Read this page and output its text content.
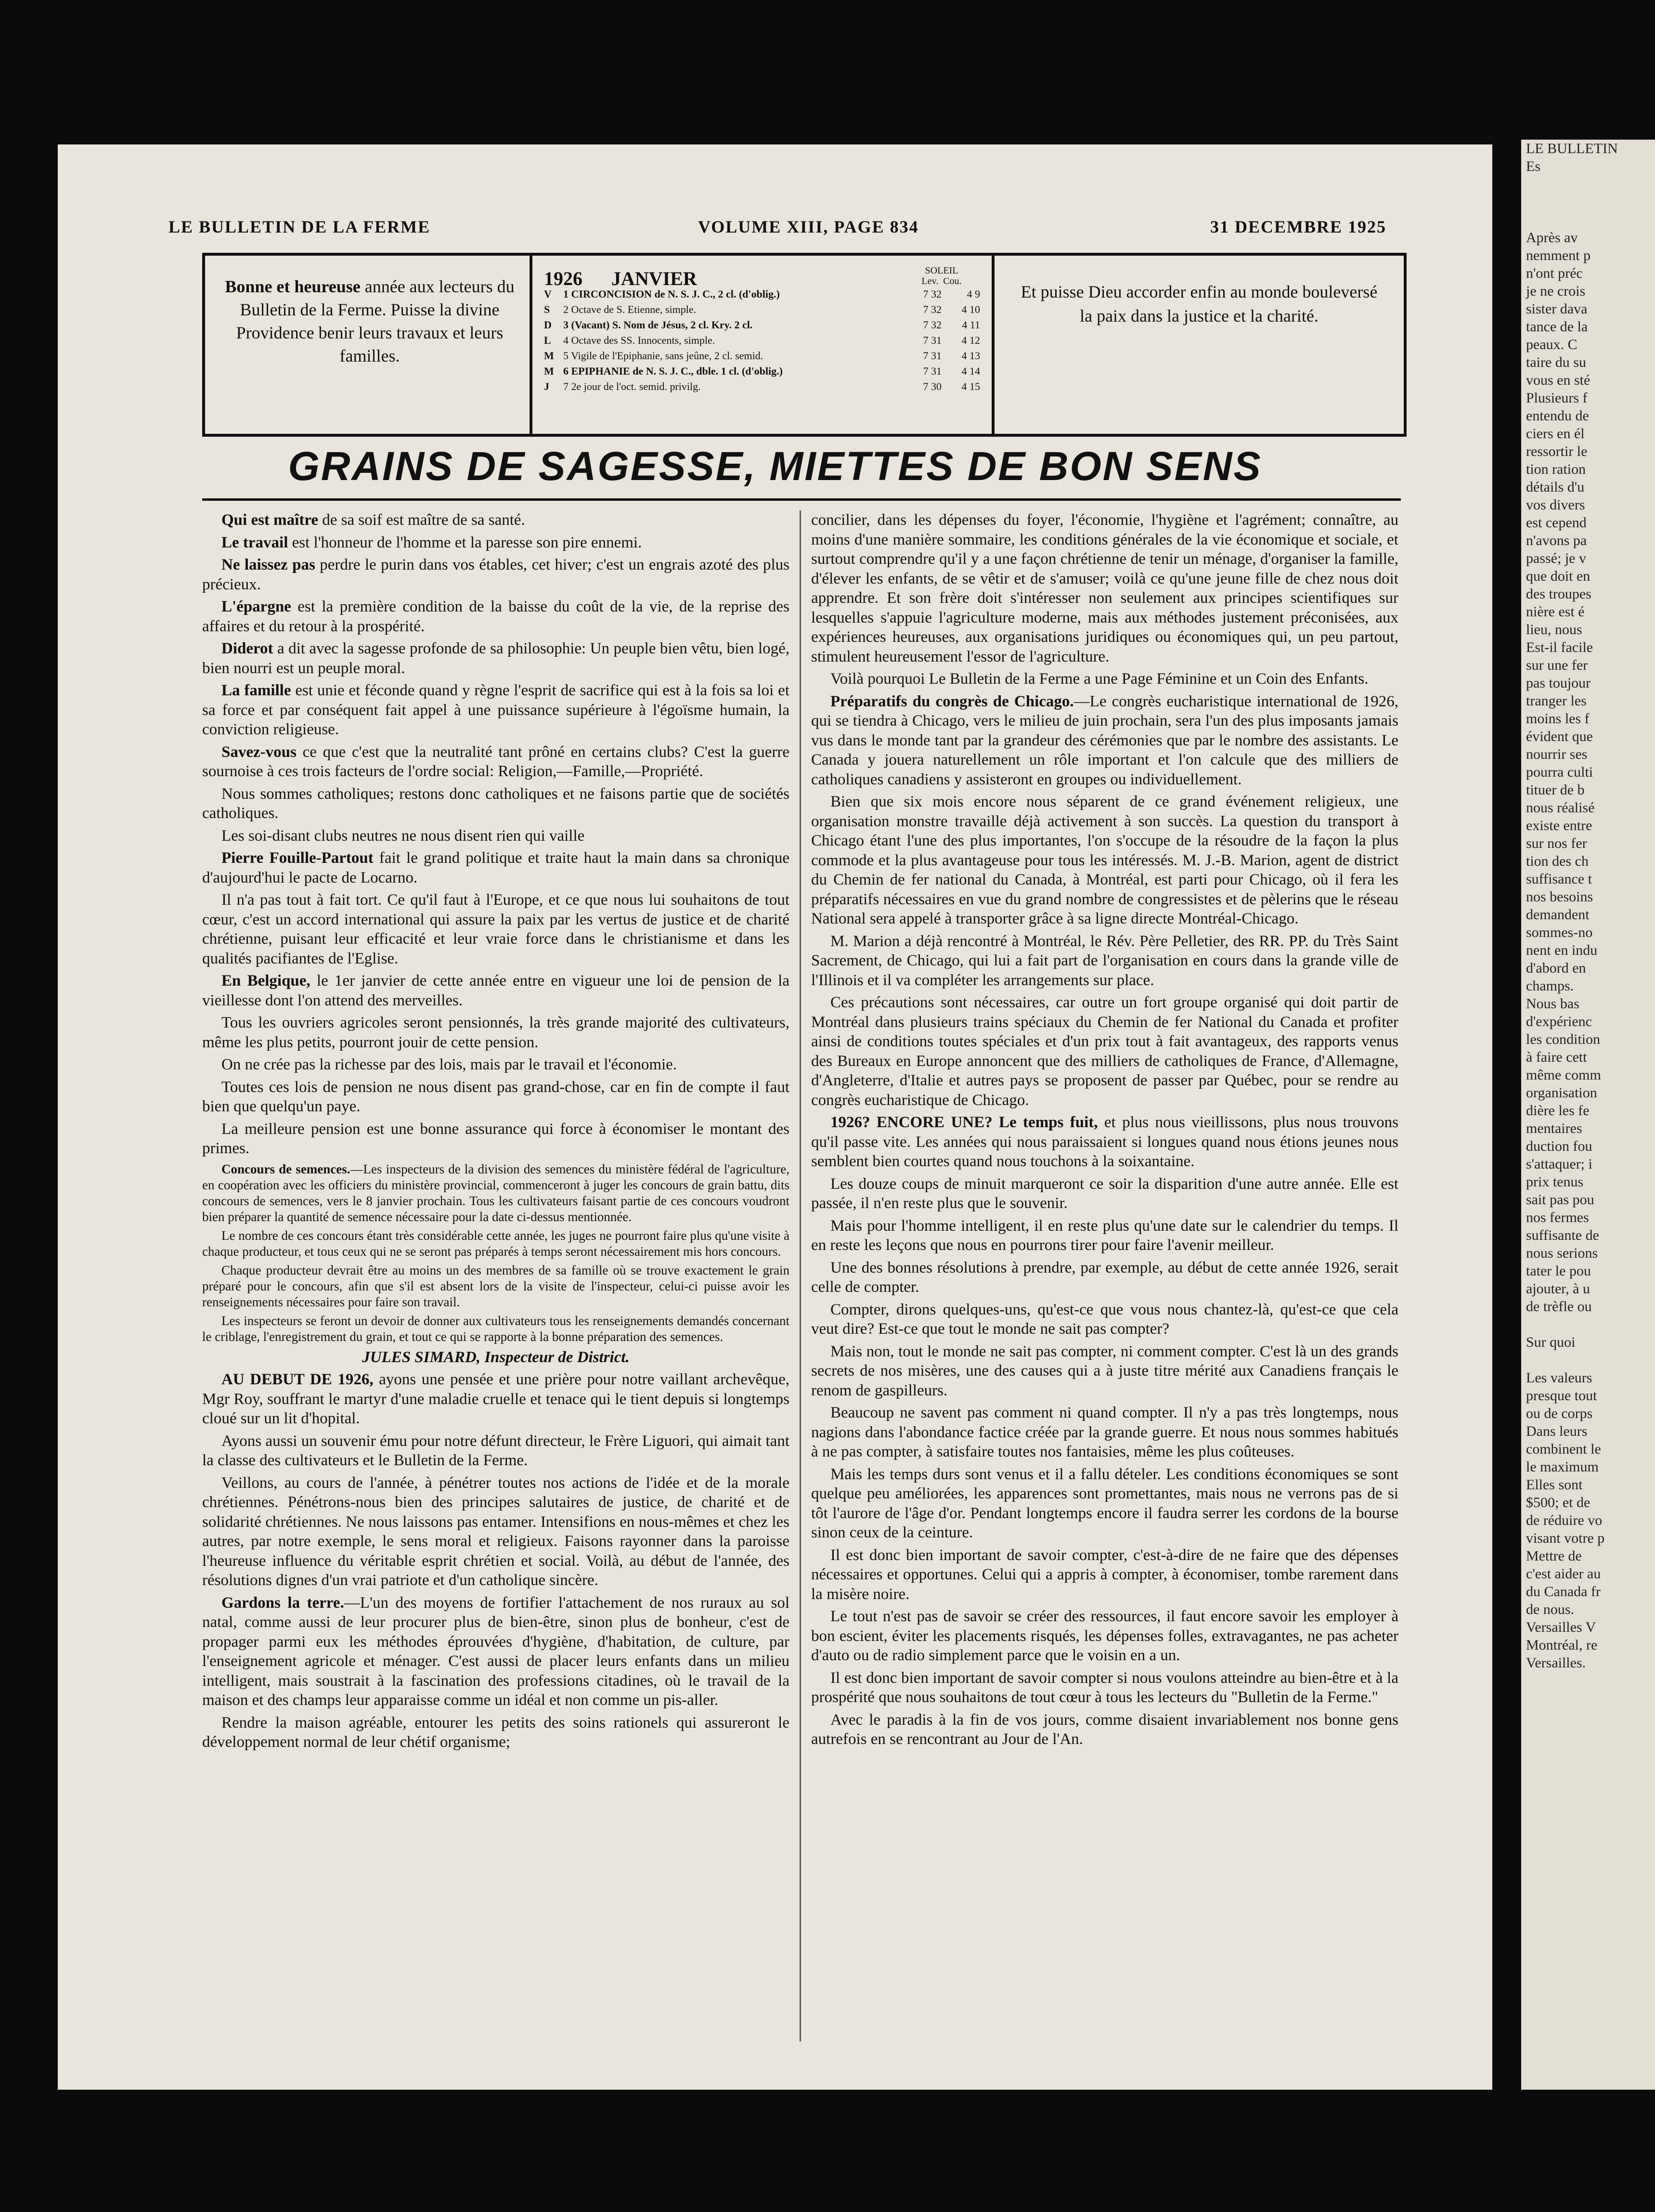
LE BULLETIN DE LA FERME	VOLUME XIII, PAGE 834	31 DECEMBRE 1925
Bonne et heureuse année aux lecteurs du Bulletin de la Ferme. Puisse la divine Providence benir leurs travaux et leurs familles.
1926	JANVIER	SOLEIL
Lev. Cou.
V	1 CIRCONCISION de N. S. J. C., 2 cl. (d'oblig.)	7 32	4 9
S	2 Octave de S. Etienne, simple.	7 32	4 10
D	3 (Vacant) S. Nom de Jésus, 2 cl. Kry. 2 cl.	7 32	4 11
L	4 Octave des SS. Innocents, simple.	7 31	4 12
M 5 Vigile de l'Epiphanie, sans jeûne, 2 cl. semid.	7 31	4 13
M 6 EPIPHANIE de N. S. J. C., dble. 1 cl. (d'oblig.)	7 31	4 14
J	7 2e jour de l'oct. semid. privilg.	7 30	4 15
Et puisse Dieu accorder enfin au monde bouleversé la paix dans la justice et la charité.
GRAINS DE SAGESSE, MIETTES DE BON SENS

Qui est maître de sa soif est maître de sa santé.

Le travail est l'honneur de l'homme et la paresse son pire ennemi.

Ne laissez pas perdre le purin dans vos étables, cet hiver; c'est un engrais azoté des plus précieux.

L'épargne est la première condition de la baisse du coût de la vie, de la reprise des affaires et du retour à la prospérité.

Diderot a dit avec la sagesse profonde de sa philosophie: Un peuple bien vêtu, bien logé, bien nourri est un peuple moral.

La famille est unie et féconde quand y règne l'esprit de sacrifice qui est à la fois sa loi et sa force et par conséquent fait appel à une puissance supérieure à l'égoïsme humain, la conviction religieuse.

Savez-vous ce que c'est que la neutralité tant prôné en certains clubs? C'est la guerre sournoise à ces trois facteurs de l'ordre social: Religion,—Famille,—Propriété.

Nous sommes catholiques; restons donc catholiques et ne faisons partie que de sociétés catholiques.

Les soi-disant clubs neutres ne nous disent rien qui vaille

Pierre Fouille-Partout fait le grand politique et traite haut la main dans sa chronique d'aujourd'hui le pacte de Locarno.

Il n'a pas tout à fait tort. Ce qu'il faut à l'Europe, et ce que nous lui souhaitons de tout cœur, c'est un accord international qui assure la paix par les vertus de justice et de charité chrétienne, puisant leur efficacité et leur vraie force dans le christianisme et dans les qualités pacifiantes de l'Eglise.

En Belgique, le 1er janvier de cette année entre en vigueur une loi de pension de la vieillesse dont l'on attend des merveilles.

Tous les ouvriers agricoles seront pensionnés, la très grande majorité des cultivateurs, même les plus petits, pourront jouir de cette pension.

On ne crée pas la richesse par des lois, mais par le travail et l'économie.

Toutes ces lois de pension ne nous disent pas grand-chose, car en fin de compte il faut bien que quelqu'un paye.

La meilleure pension est une bonne assurance qui force à économiser le montant des primes.

Concours de semences.—Les inspecteurs de la division des semences du ministère fédéral de l'agriculture, en coopération avec les officiers du ministère provincial, commenceront à juger les concours de grain battu, dits concours de semences, vers le 8 janvier prochain. Tous les cultivateurs faisant partie de ces concours voudront bien préparer la quantité de semence nécessaire pour la date ci-dessus mentionnée.

Le nombre de ces concours étant très considérable cette année, les juges ne pourront faire plus qu'une visite à chaque producteur, et tous ceux qui ne se seront pas préparés à temps seront nécessairement mis hors concours.

Chaque producteur devrait être au moins un des membres de sa famille où se trouve exactement le grain préparé pour le concours, afin que s'il est absent lors de la visite de l'inspecteur, celui-ci puisse avoir les renseignements nécessaires pour faire son travail.

Les inspecteurs se feront un devoir de donner aux cultivateurs tous les renseignements demandés concernant le criblage, l'enregistrement du grain, et tout ce qui se rapporte à la bonne préparation des semences.

JULES SIMARD, Inspecteur de District.

AU DEBUT DE 1926, ayons une pensée et une prière pour notre vaillant archevêque, Mgr Roy, souffrant le martyr d'une maladie cruelle et tenace qui le tient depuis si longtemps cloué sur un lit d'hopital.

Ayons aussi un souvenir ému pour notre défunt directeur, le Frère Liguori, qui aimait tant la classe des cultivateurs et le Bulletin de la Ferme.

Veillons, au cours de l'année, à pénétrer toutes nos actions de l'idée et de la morale chrétiennes. Pénétrons-nous bien des principes salutaires de justice, de charité et de solidarité chrétiennes. Ne nous laissons pas entamer. Intensifions en nous-mêmes et chez les autres, par notre exemple, le sens moral et religieux. Faisons rayonner dans la paroisse l'heureuse influence du véritable esprit chrétien et social. Voilà, au début de l'année, des résolutions dignes d'un vrai patriote et d'un catholique sincère.

Gardons la terre.—L'un des moyens de fortifier l'attachement de nos ruraux au sol natal, comme aussi de leur procurer plus de bien-être, sinon plus de bonheur, c'est de propager parmi eux les méthodes éprouvées d'hygiène, d'habitation, de culture, par l'enseignement agricole et ménager. C'est aussi de placer leurs enfants dans un milieu intelligent, mais soustrait à la fascination des professions citadines, où le travail de la maison et des champs leur apparaisse comme un idéal et non comme un pis-aller.

Rendre la maison agréable, entourer les petits des soins rationels qui assureront le développement normal de leur chétif organisme;

concilier, dans les dépenses du foyer, l'économie, l'hygiène et l'agrément; connaître, au moins d'une manière sommaire, les conditions générales de la vie économique et sociale, et surtout comprendre qu'il y a une façon chrétienne de tenir un ménage, d'organiser la famille, d'élever les enfants, de se vêtir et de s'amuser; voilà ce qu'une jeune fille de chez nous doit apprendre. Et son frère doit s'intéresser non seulement aux principes scientifiques sur lesquelles s'appuie l'agriculture moderne, mais aux méthodes justement préconisées, aux expériences heureuses, aux organisations juridiques ou économiques qui, un peu partout, stimulent heureusement l'essor de l'agriculture.

Voilà pourquoi Le Bulletin de la Ferme a une Page Féminine et un Coin des Enfants.

Préparatifs du congrès de Chicago.—Le congrès eucharistique international de 1926, qui se tiendra à Chicago, vers le milieu de juin prochain, sera l'un des plus imposants jamais vus dans le monde tant par la grandeur des cérémonies que par le nombre des assistants. Le Canada y jouera naturellement un rôle important et l'on calcule que des milliers de catholiques canadiens y assisteront en groupes ou individuellement.

Bien que six mois encore nous séparent de ce grand événement religieux, une organisation monstre travaille déjà activement à son succès. La question du transport à Chicago étant l'une des plus importantes, l'on s'occupe de la résoudre de la façon la plus commode et la plus avantageuse pour tous les intéressés. M. J.-B. Marion, agent de district du Chemin de fer national du Canada, à Montréal, est parti pour Chicago, où il fera les préparatifs nécessaires en vue du grand nombre de congressistes et de pèlerins que le réseau National sera appelé à transporter grâce à sa ligne directe Montréal-Chicago.

M. Marion a déjà rencontré à Montréal, le Rév. Père Pelletier, des RR. PP. du Très Saint Sacrement, de Chicago, qui lui a fait part de l'organisation en cours dans la grande ville de l'Illinois et il va compléter les arrangements sur place.

Ces précautions sont nécessaires, car outre un fort groupe organisé qui doit partir de Montréal dans plusieurs trains spéciaux du Chemin de fer National du Canada et profiter ainsi de conditions toutes spéciales et d'un prix tout à fait avantageux, des rapports venus des Bureaux en Europe annoncent que des milliers de catholiques de France, d'Allemagne, d'Angleterre, d'Italie et autres pays se proposent de passer par Québec, pour se rendre au congrès eucharistique de Chicago.

1926? ENCORE UNE? Le temps fuit, et plus nous vieillissons, plus nous trouvons qu'il passe vite. Les années qui nous paraissaient si longues quand nous étions jeunes nous semblent bien courtes quand nous touchons à la soixantaine.

Les douze coups de minuit marqueront ce soir la disparition d'une autre année. Elle est passée, il n'en reste plus que le souvenir.

Mais pour l'homme intelligent, il en reste plus qu'une date sur le calendrier du temps. Il en reste les leçons que nous en pourrons tirer pour faire l'avenir meilleur.

Une des bonnes résolutions à prendre, par exemple, au début de cette année 1926, serait celle de compter.

Compter, dirons quelques-uns, qu'est-ce que vous nous chantez-là, qu'est-ce que cela veut dire? Est-ce que tout le monde ne sait pas compter?

Mais non, tout le monde ne sait pas compter, ni comment compter. C'est là un des grands secrets de nos misères, une des causes qui a à juste titre mérité aux Canadiens français le renom de gaspilleurs.

Beaucoup ne savent pas comment ni quand compter. Il n'y a pas très longtemps, nous nagions dans l'abondance factice créée par la grande guerre. Et nous nous sommes habitués à ne pas compter, à satisfaire toutes nos fantaisies, même les plus coûteuses.

Mais les temps durs sont venus et il a fallu dételer. Les conditions économiques se sont quelque peu améliorées, les apparences sont promettantes, mais nous ne verrons pas de si tôt l'aurore de l'âge d'or. Pendant longtemps encore il faudra serrer les cordons de la bourse sinon ceux de la ceinture.

Il est donc bien important de savoir compter, c'est-à-dire de ne faire que des dépenses nécessaires et opportunes. Celui qui a appris à compter, à économiser, tombe rarement dans la misère noire.

Le tout n'est pas de savoir se créer des ressources, il faut encore savoir les employer à bon escient, éviter les placements risqués, les dépenses folles, extravagantes, ne pas acheter d'auto ou de radio simplement parce que le voisin en a un.

Il est donc bien important de savoir compter si nous voulons atteindre au bien-être et à la prospérité que nous souhaitons de tout cœur à tous les lecteurs du "Bulletin de la Ferme."

Avec le paradis à la fin de vos jours, comme disaient invariablement nos bonne gens autrefois en se rencontrant au Jour de l'An.

LE BULLETIN
Es

Après av
nemment p
n'ont préc
je ne crois
sister dava
tance de la
peaux. C
taire du su
vous en sté
Plusieurs f
entendu de
ciers en él
ressortir le
tion ration
détails d'u
vos divers
est cepend
n'avons pa
passé; je v
que doit en
des troupes
nière est é
lieu, nous
Est-il facile
sur une fer
pas toujour
tranger les
moins les f
évident que
nourrir ses
pourra culti
tituer de b
nous réalisé
existe entre
sur nos fer
tion des ch
suffisance t
nos besoins
demandent
sommes-no
nent en indu
d'abord en
champs.
Nous bas
d'expérienc
les condition
à faire cett
même comm
organisation
dière les fe
mentaires
duction fou
s'attaquer; i
prix tenus
sait pas pou
nos fermes
suffisante de
nous serions
tater le pou
ajouter, à u
de trèfle ou

Sur quoi

Les valeurs
presque tout
ou de corps
Dans leurs
combinent le
le maximum
Elles sont
$500; et de
de réduire vo
visant votre p
Mettre de
c'est aider au
du Canada fr
de nous.
Versailles V
Montréal, re
Versailles.
